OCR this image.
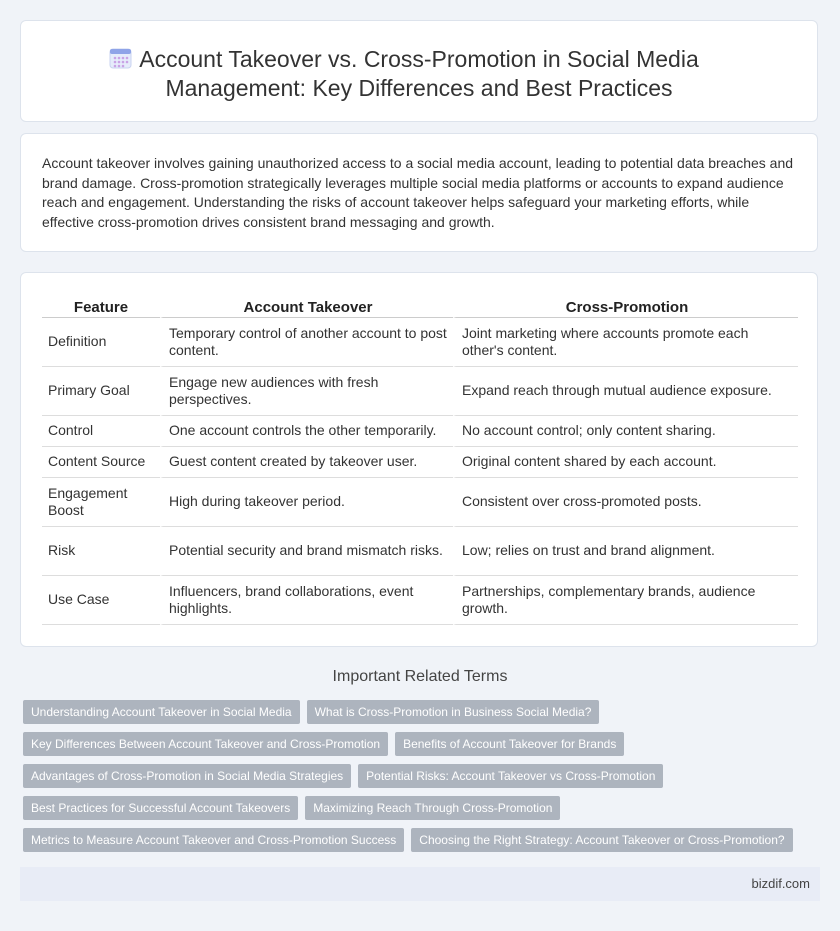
Account Takeover vs. Cross-Promotion in Social Media
Management: Key Differences and Best Practices

Account takeover involves gaining unauthorized access to a social media account, leading to potential data breaches and brand damage. Cross-promotion strategically leverages multiple social media platforms or accounts to expand audience reach and engagement. Understanding the risks of account takeover helps safeguard your marketing efforts, while effective cross-promotion drives consistent brand messaging and growth.

Feature	Account Takeover	Cross-Promotion
Definition	Temporary control of another account to post content.	Joint marketing where accounts promote each other's content.
Primary Goal	Engage new audiences with fresh perspectives.	Expand reach through mutual audience exposure.
Control	One account controls the other temporarily.	No account control; only content sharing.
Content Source	Guest content created by takeover user.	Original content shared by each account.
Engagement Boost	High during takeover period.	Consistent over cross-promoted posts.
Risk	Potential security and brand mismatch risks.	Low; relies on trust and brand alignment.
Use Case	Influencers, brand collaborations, event highlights.	Partnerships, complementary brands, audience growth.
Important Related Terms
Understanding Account Takeover in Social Media	What is Cross-Promotion in Business Social Media?
Key Differences Between Account Takeover and Cross-Promotion	Benefits of Account Takeover for Brands
Advantages of Cross-Promotion in Social Media Strategies	Potential Risks: Account Takeover vs Cross-Promotion
Best Practices for Successful Account Takeovers	Maximizing Reach Through Cross-Promotion
Metrics to Measure Account Takeover and Cross-Promotion Success	Choosing the Right Strategy: Account Takeover or Cross-Promotion?
bizdif.com
